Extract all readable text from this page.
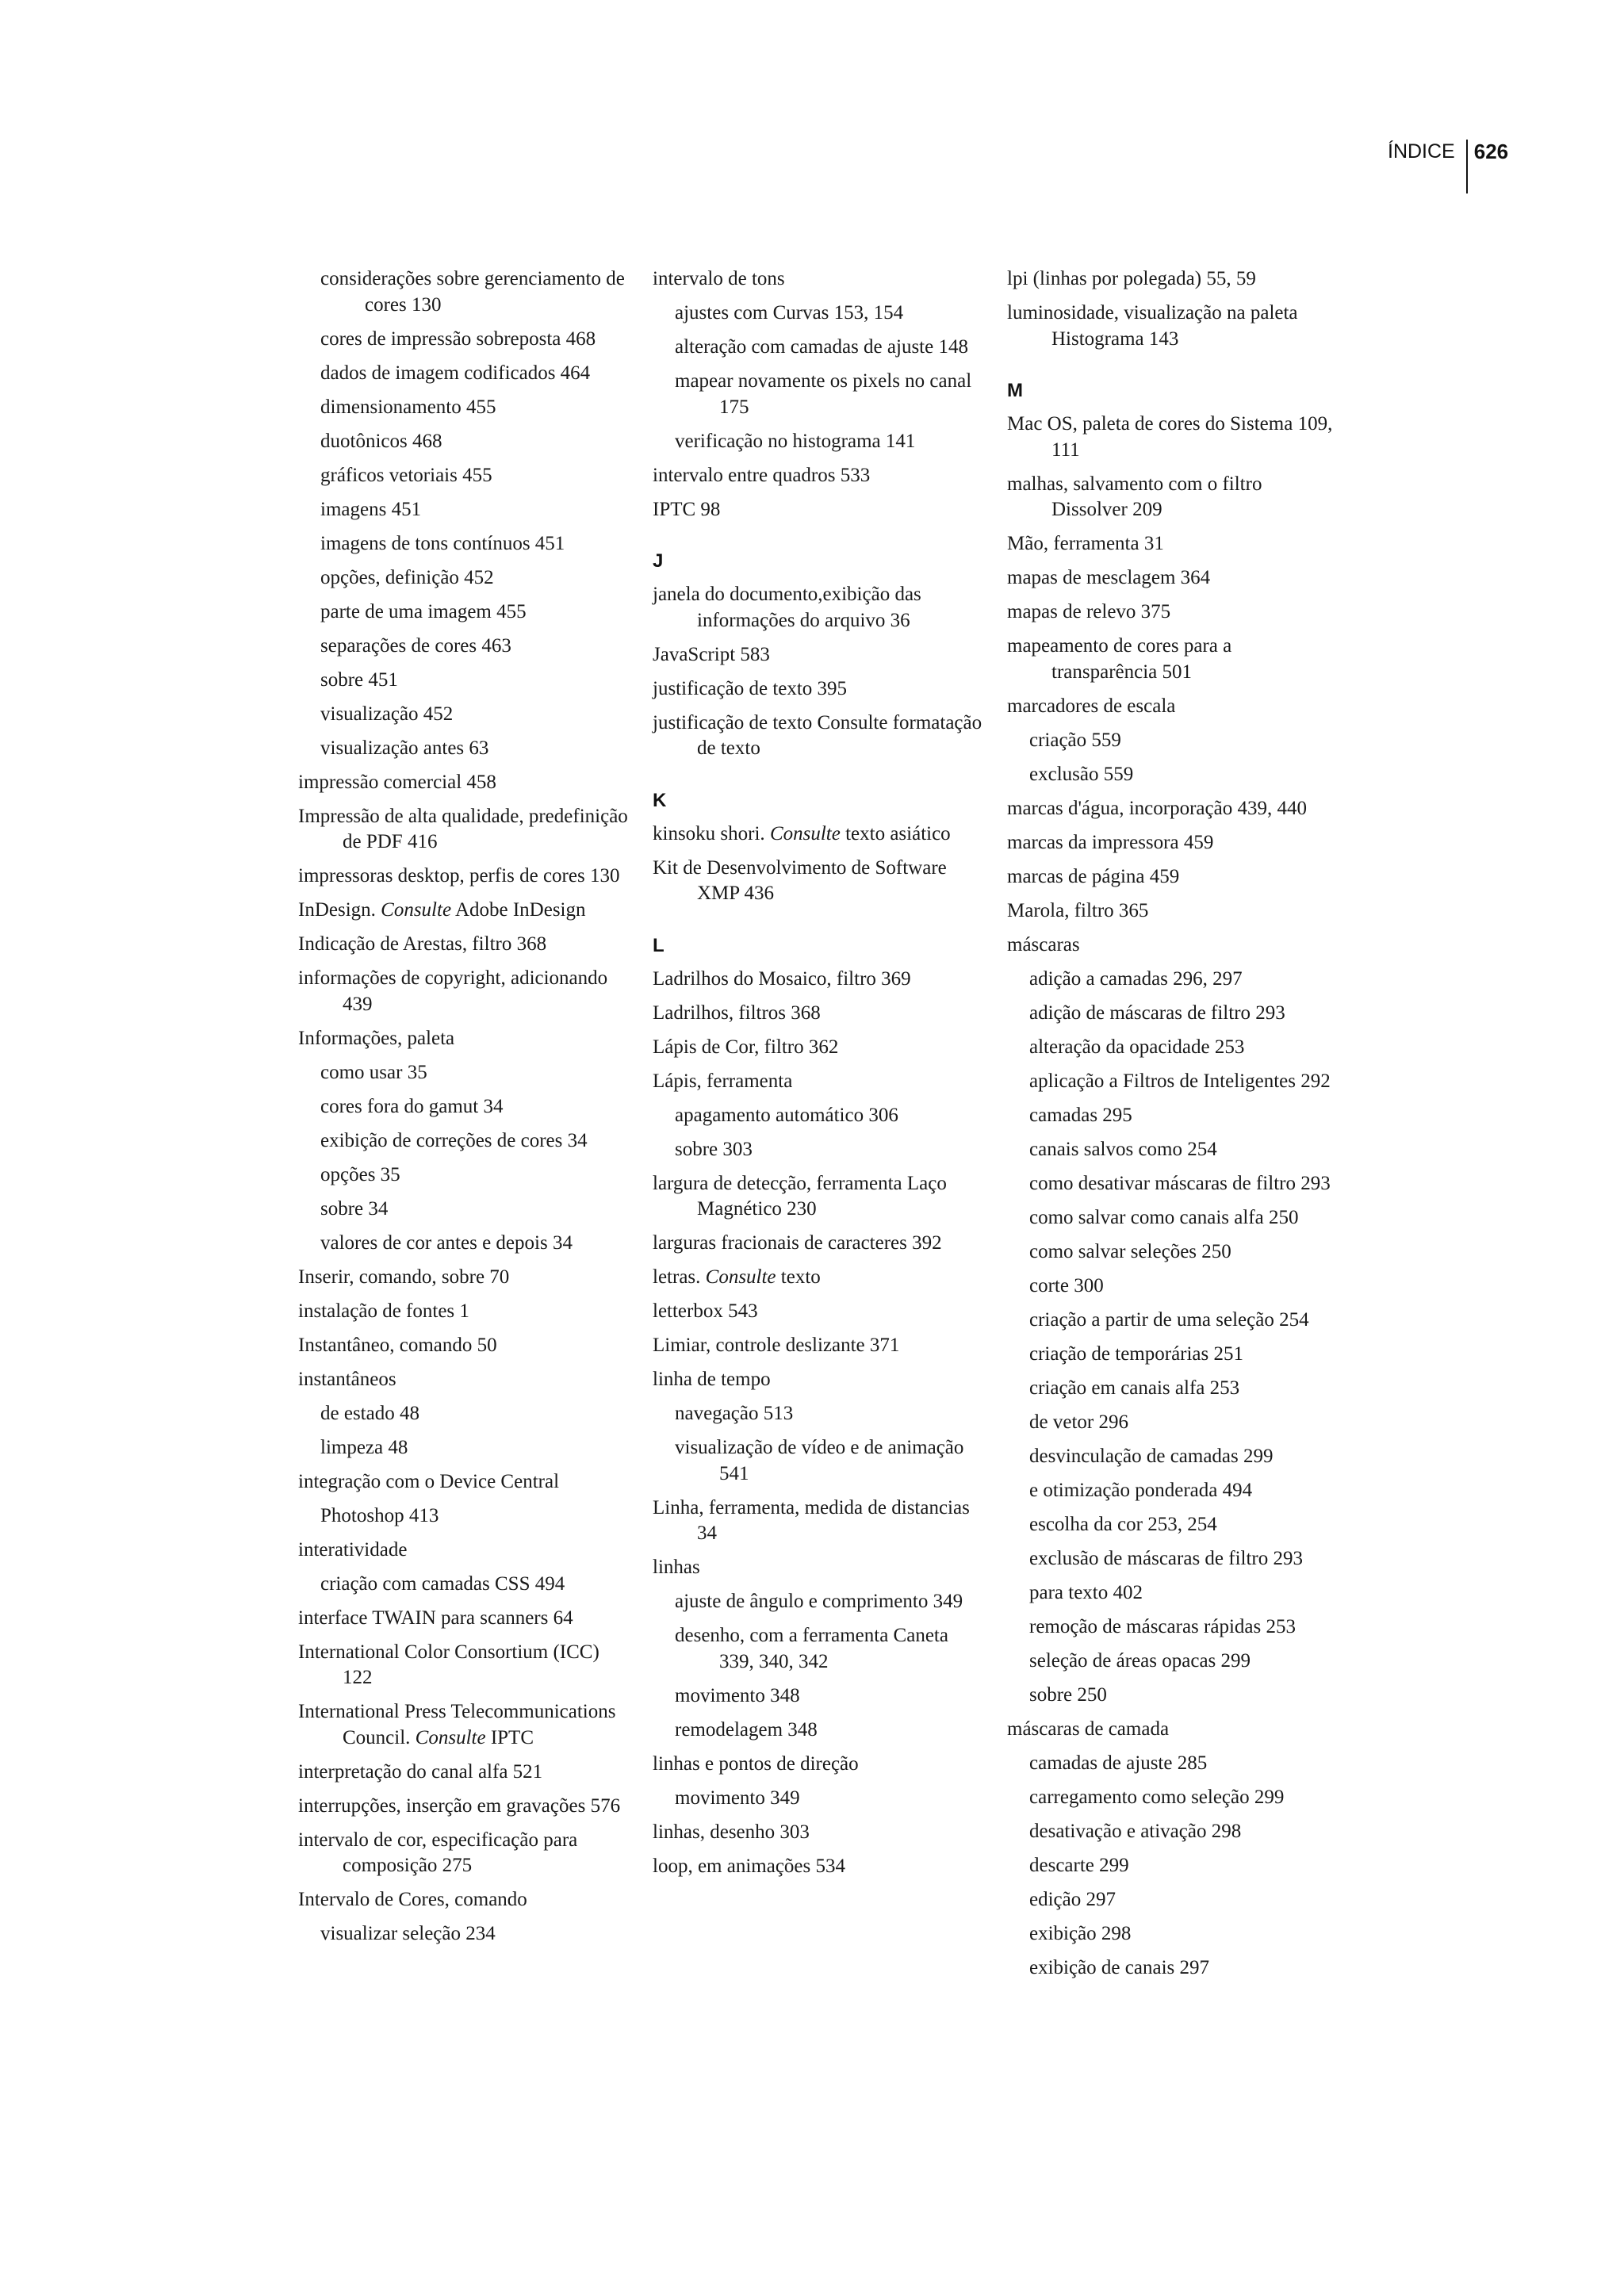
ÍNDICE 626
considerações sobre gerenciamento de cores 130
cores de impressão sobreposta 468
dados de imagem codificados 464
dimensionamento 455
duotônicos 468
gráficos vetoriais 455
imagens 451
imagens de tons contínuos 451
opções, definição 452
parte de uma imagem 455
separações de cores 463
sobre 451
visualização 452
visualização antes 63
impressão comercial 458
Impressão de alta qualidade, predefinição de PDF 416
impressoras desktop, perfis de cores 130
InDesign. Consulte Adobe InDesign
Indicação de Arestas, filtro 368
informações de copyright, adicionando 439
Informações, paleta
como usar 35
cores fora do gamut 34
exibição de correções de cores 34
opções 35
sobre 34
valores de cor antes e depois 34
Inserir, comando, sobre 70
instalação de fontes 1
Instantâneo, comando 50
instantâneos
de estado 48
limpeza 48
integração com o Device Central
Photoshop 413
interatividade
criação com camadas CSS 494
interface TWAIN para scanners 64
International Color Consortium (ICC) 122
International Press Telecommunications Council. Consulte IPTC
interpretação do canal alfa 521
interrupções, inserção em gravações 576
intervalo de cor, especificação para composição 275
Intervalo de Cores, comando
visualizar seleção 234
intervalo de tons
ajustes com Curvas 153, 154
alteração com camadas de ajuste 148
mapear novamente os pixels no canal 175
verificação no histograma 141
intervalo entre quadros 533
IPTC 98
J
janela do documento,exibição das informações do arquivo 36
JavaScript 583
justificação de texto 395
justificação de texto Consulte formatação de texto
K
kinsoku shori. Consulte texto asiático
Kit de Desenvolvimento de Software XMP 436
L
Ladrilhos do Mosaico, filtro 369
Ladrilhos, filtros 368
Lápis de Cor, filtro 362
Lápis, ferramenta
apagamento automático 306
sobre 303
largura de detecção, ferramenta Laço Magnético 230
larguras fracionais de caracteres 392
letras. Consulte texto
letterbox 543
Limiar, controle deslizante 371
linha de tempo
navegação 513
visualização de vídeo e de animação 541
Linha, ferramenta, medida de distancias 34
linhas
ajuste de ângulo e comprimento 349
desenho, com a ferramenta Caneta 339, 340, 342
movimento 348
remodelagem 348
linhas e pontos de direção
movimento 349
linhas, desenho 303
loop, em animações 534
lpi (linhas por polegada) 55, 59
luminosidade, visualização na paleta Histograma 143
M
Mac OS, paleta de cores do Sistema 109, 111
malhas, salvamento com o filtro Dissolver 209
Mão, ferramenta 31
mapas de mesclagem 364
mapas de relevo 375
mapeamento de cores para a transparência 501
marcadores de escala
criação 559
exclusão 559
marcas d'água, incorporação 439, 440
marcas da impressora 459
marcas de página 459
Marola, filtro 365
máscaras
adição a camadas 296, 297
adição de máscaras de filtro 293
alteração da opacidade 253
aplicação a Filtros de Inteligentes 292
camadas 295
canais salvos como 254
como desativar máscaras de filtro 293
como salvar como canais alfa 250
como salvar seleções 250
corte 300
criação a partir de uma seleção 254
criação de temporárias 251
criação em canais alfa 253
de vetor 296
desvinculação de camadas 299
e otimização ponderada 494
escolha da cor 253, 254
exclusão de máscaras de filtro 293
para texto 402
remoção de máscaras rápidas 253
seleção de áreas opacas 299
sobre 250
máscaras de camada
camadas de ajuste 285
carregamento como seleção 299
desativação e ativação 298
descarte 299
edição 297
exibição 298
exibição de canais 297
